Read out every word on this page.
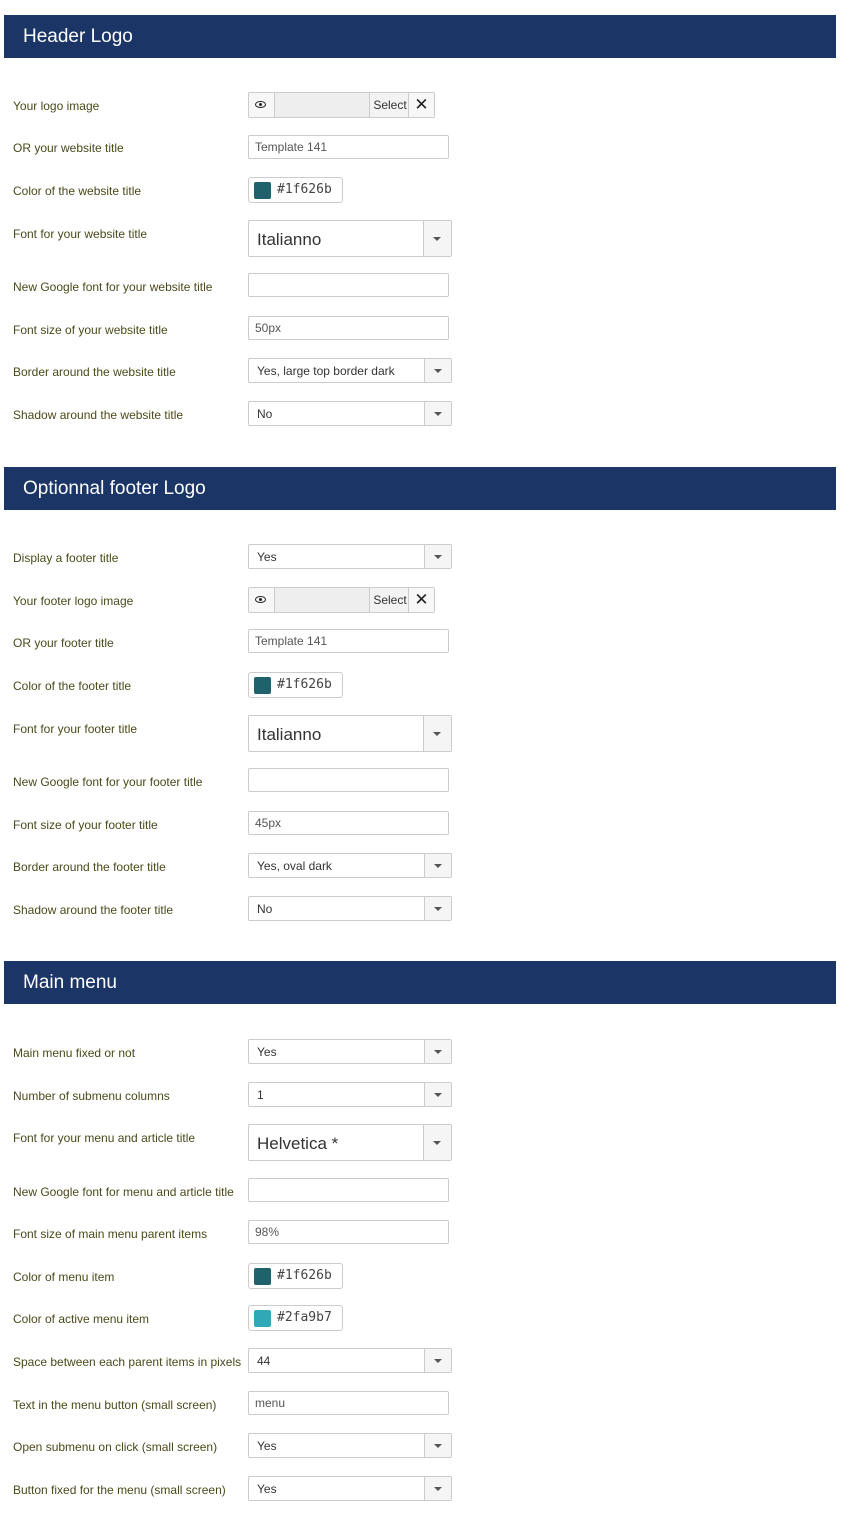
Header Logo
Your logo image	Select ✕
OR your website title	Template 141
Color of the website title	#1f626b
Font for your website title	Italianno
New Google font for your website title
Font size of your website title	50px
Border around the website title	Yes, large top border dark
Shadow around the website title	No
Optionnal footer Logo
Display a footer title	Yes
Your footer logo image	Select ✕
OR your footer title	Template 141
Color of the footer title	#1f626b
Font for your footer title	Italianno
New Google font for your footer title
Font size of your footer title	45px
Border around the footer title	Yes, oval dark
Shadow around the footer title	No
Main menu
Main menu fixed or not	Yes
Number of submenu columns	1
Font for your menu and article title	Helvetica *
New Google font for menu and article title
Font size of main menu parent items	98%
Color of menu item	#1f626b
Color of active menu item	#2fa9b7
Space between each parent items in pixels 44
Text in the menu button (small screen)	menu
Open submenu on click (small screen)	Yes
Button fixed for the menu (small screen)	Yes
